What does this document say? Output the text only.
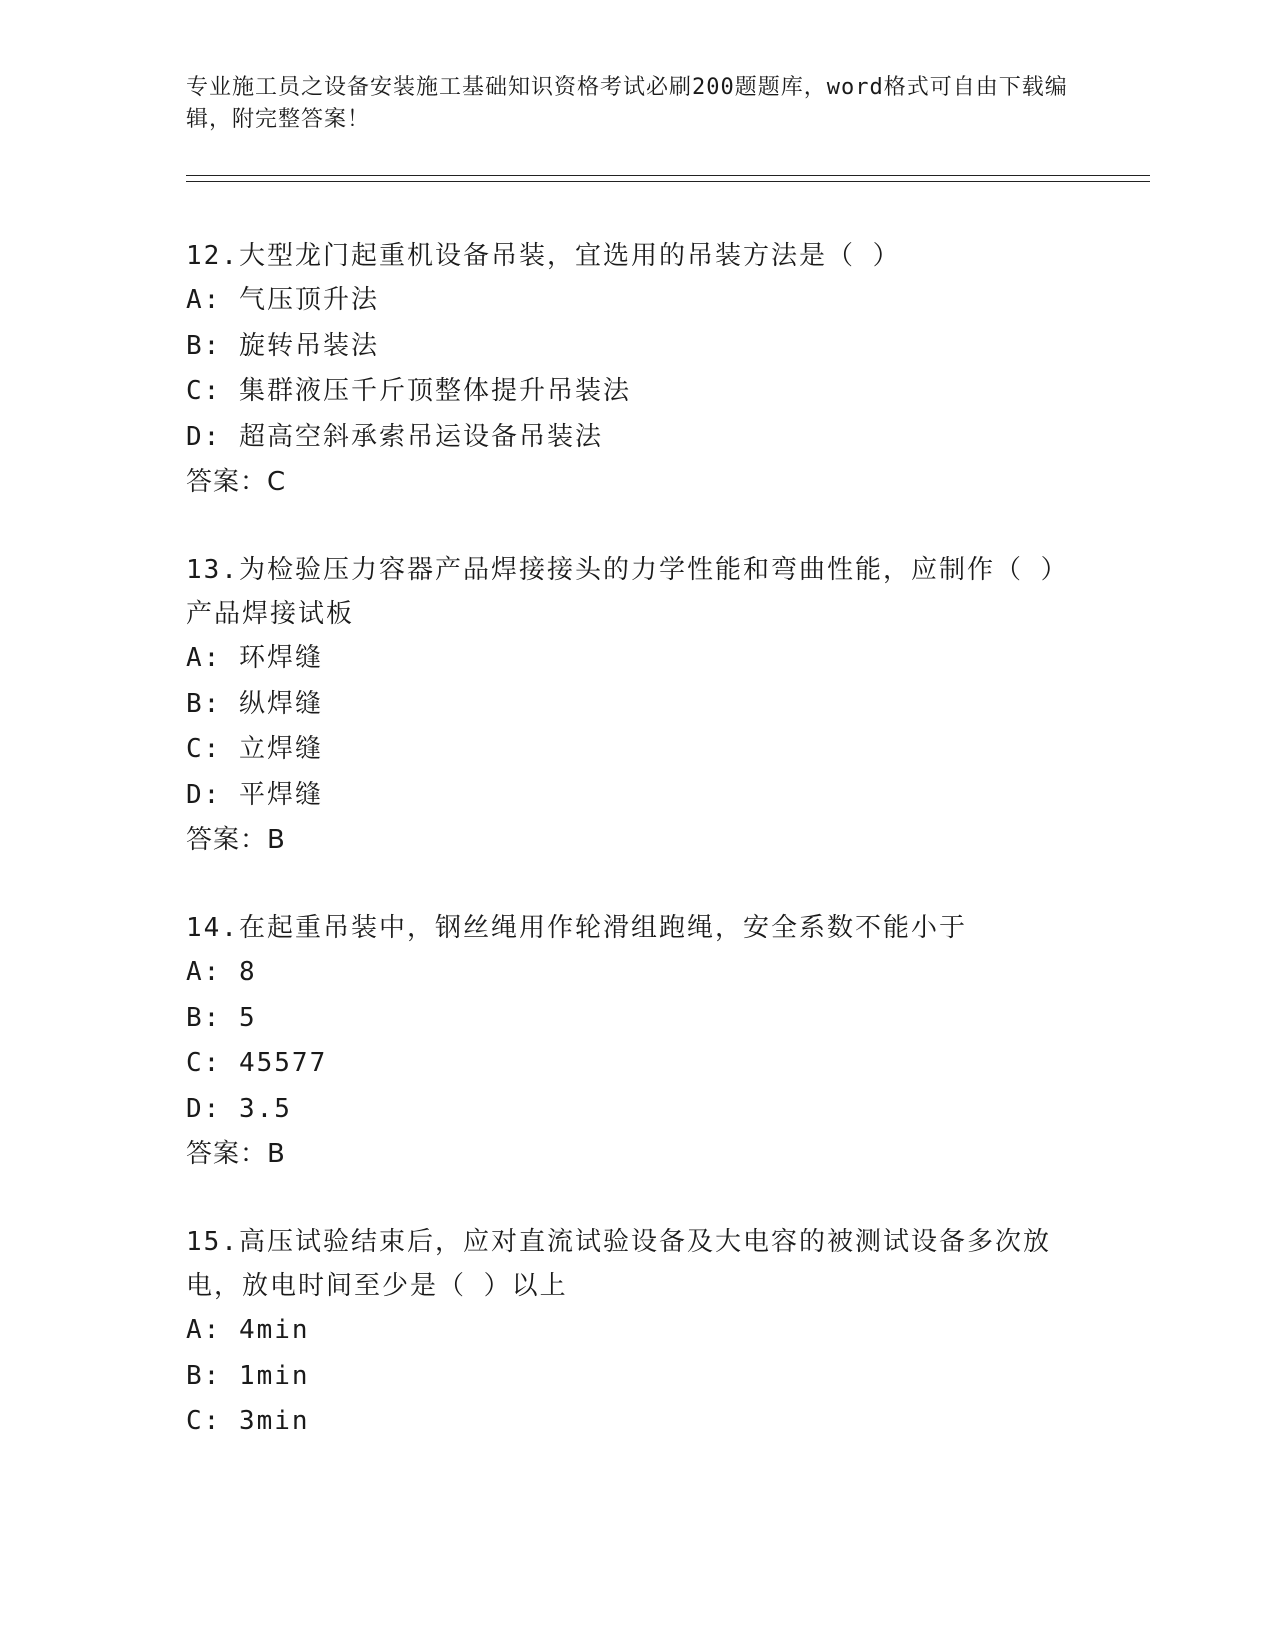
专业施工员之设备安装施工基础知识资格考试必刷200题题库，word格式可自由下载编辑，附完整答案！
12.大型龙门起重机设备吊装，宜选用的吊装方法是（ ）
A: 气压顶升法
B: 旋转吊装法
C: 集群液压千斤顶整体提升吊装法
D: 超高空斜承索吊运设备吊装法
答案：C
13.为检验压力容器产品焊接接头的力学性能和弯曲性能，应制作（ ）产品焊接试板
A: 环焊缝
B: 纵焊缝
C: 立焊缝
D: 平焊缝
答案：B
14.在起重吊装中，钢丝绳用作轮滑组跑绳，安全系数不能小于
A: 8
B: 5
C: 45577
D: 3.5
答案：B
15.高压试验结束后，应对直流试验设备及大电容的被测试设备多次放电，放电时间至少是（ ）以上
A: 4min
B: 1min
C: 3min
